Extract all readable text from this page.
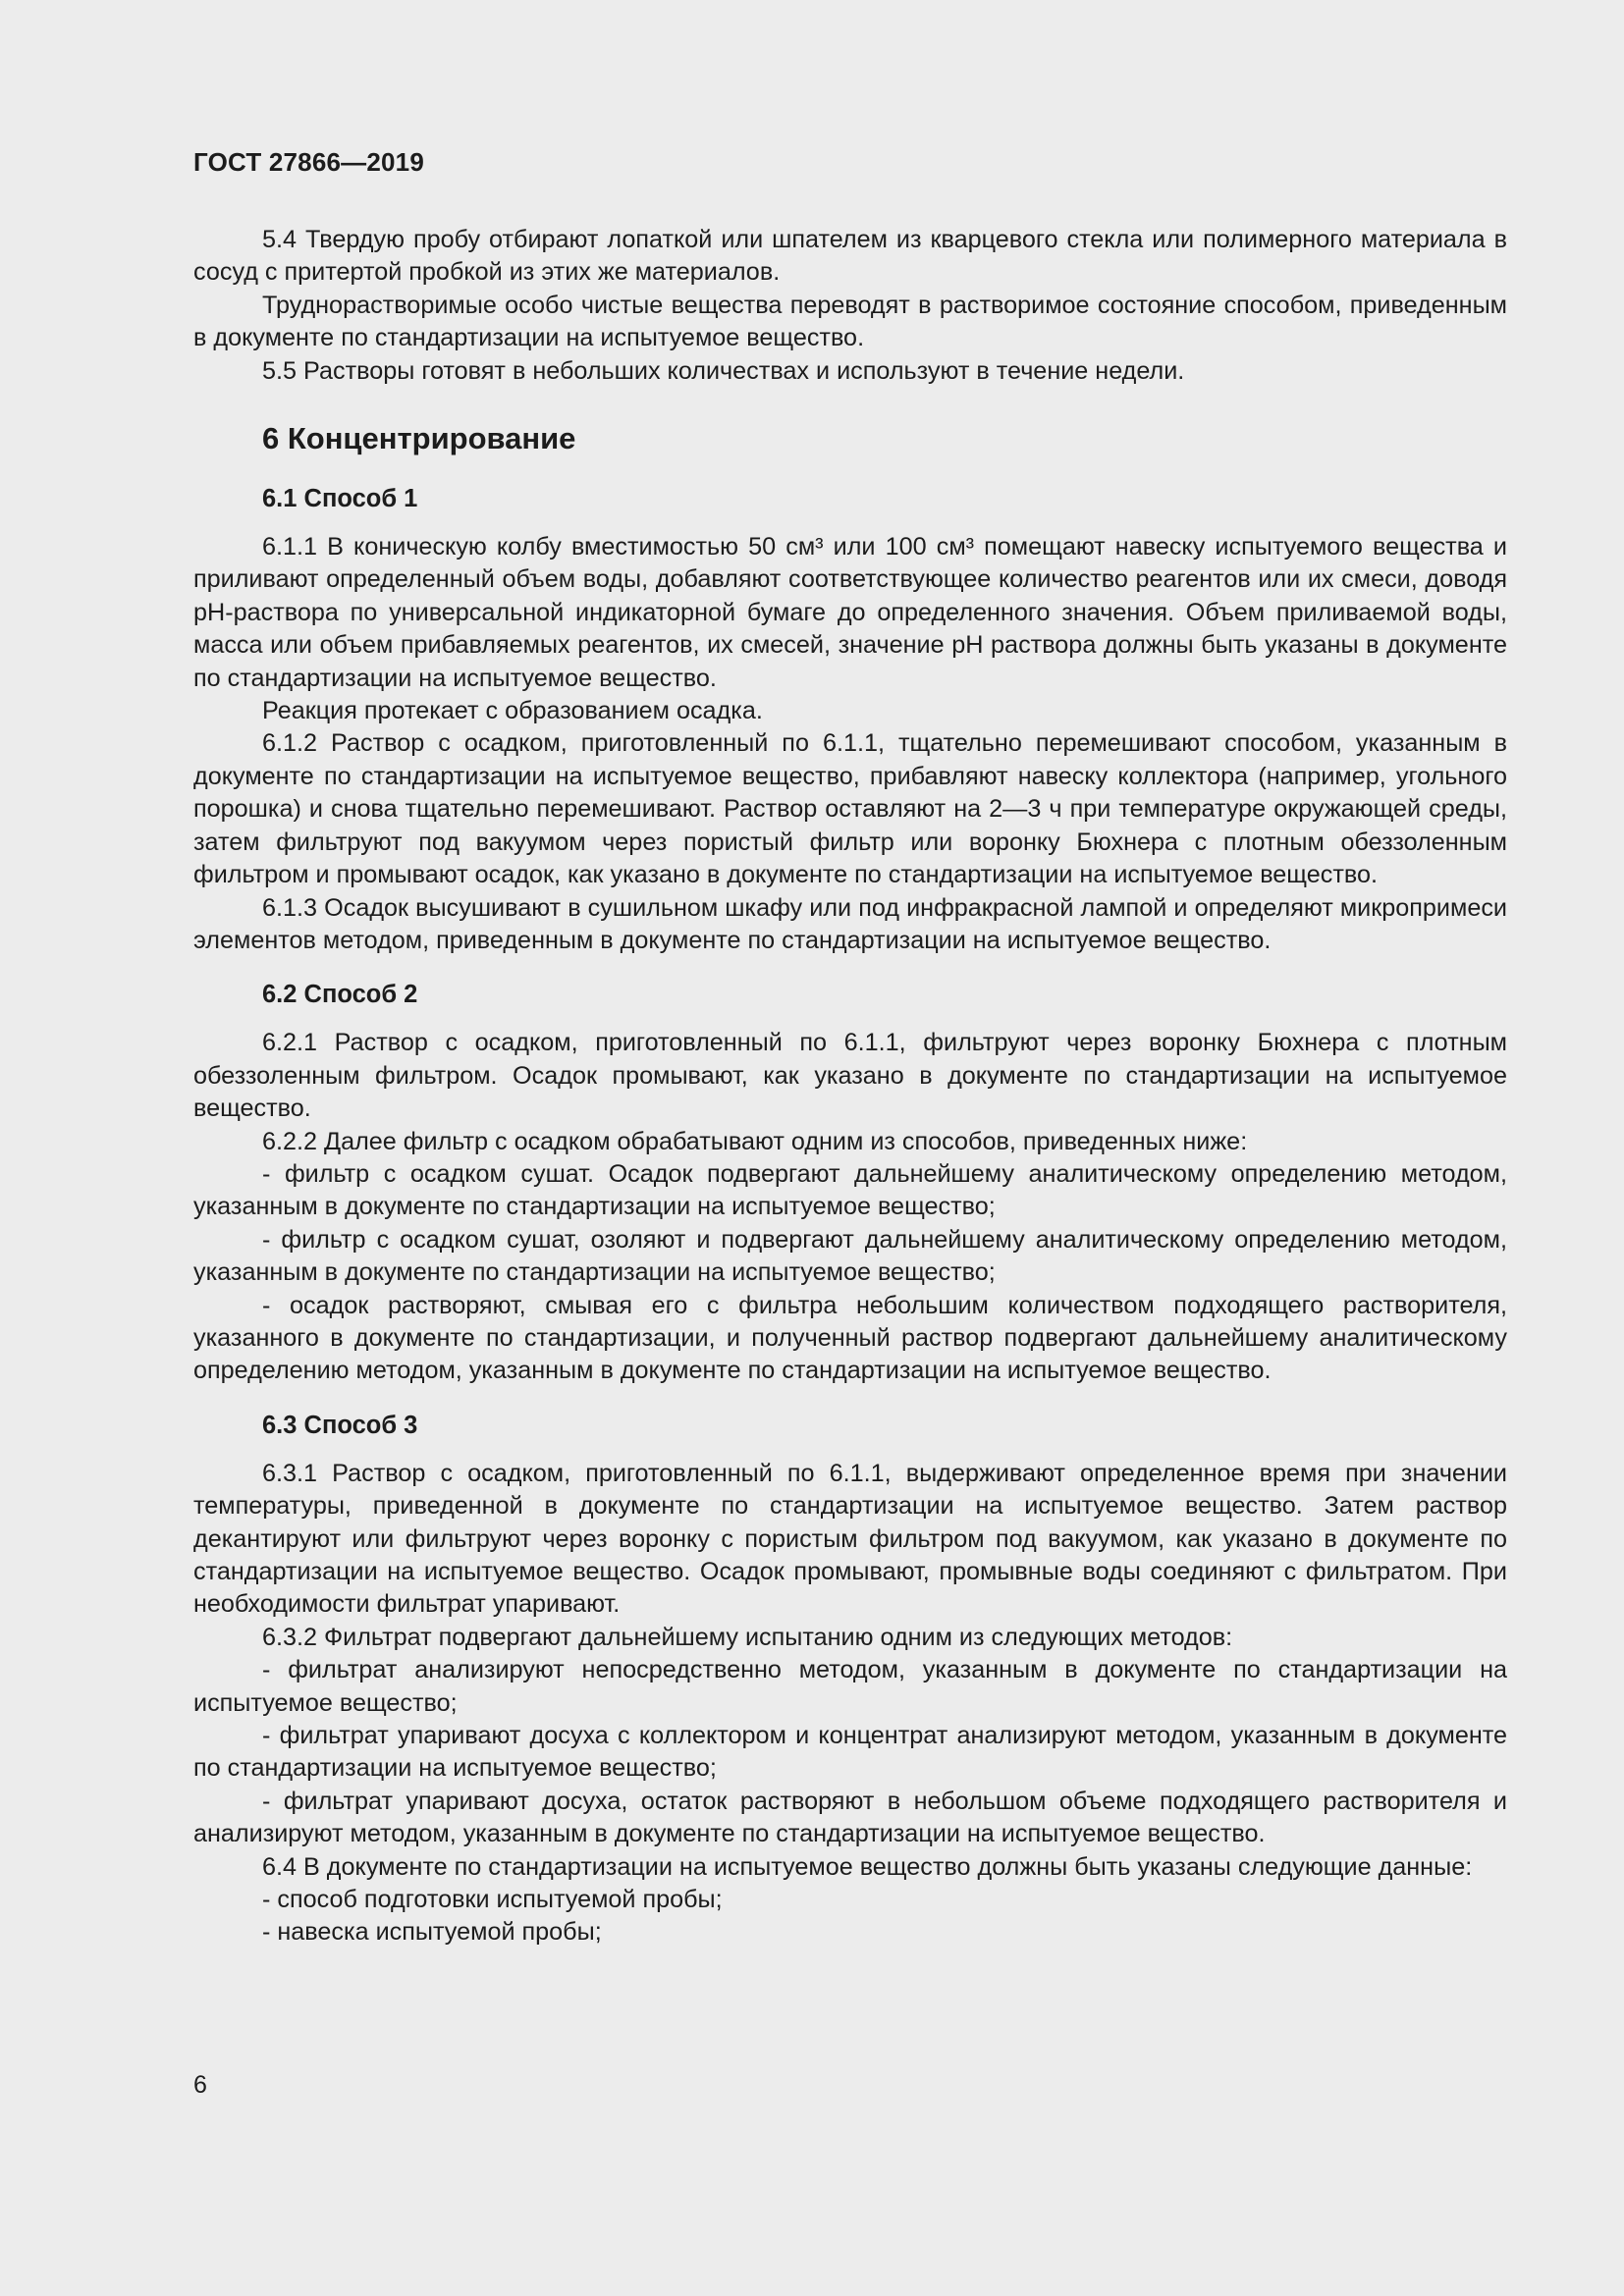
ГОСТ 27866—2019

5.4 Твердую пробу отбирают лопаткой или шпателем из кварцевого стекла или полимерного материала в сосуд с притертой пробкой из этих же материалов.

Труднорастворимые особо чистые вещества переводят в растворимое состояние способом, приведенным в документе по стандартизации на испытуемое вещество.

5.5 Растворы готовят в небольших количествах и используют в течение недели.

6 Концентрирование
6.1 Способ 1

6.1.1 В коническую колбу вместимостью 50 см³ или 100 см³ помещают навеску испытуемого вещества и приливают определенный объем воды, добавляют соответствующее количество реагентов или их смеси, доводя рН-раствора по универсальной индикаторной бумаге до определенного значения. Объем приливаемой воды, масса или объем прибавляемых реагентов, их смесей, значение рН раствора должны быть указаны в документе по стандартизации на испытуемое вещество.

Реакция протекает с образованием осадка.

6.1.2 Раствор с осадком, приготовленный по 6.1.1, тщательно перемешивают способом, указанным в документе по стандартизации на испытуемое вещество, прибавляют навеску коллектора (например, угольного порошка) и снова тщательно перемешивают. Раствор оставляют на 2—3 ч при температуре окружающей среды, затем фильтруют под вакуумом через пористый фильтр или воронку Бюхнера с плотным обеззоленным фильтром и промывают осадок, как указано в документе по стандартизации на испытуемое вещество.

6.1.3 Осадок высушивают в сушильном шкафу или под инфракрасной лампой и определяют микропримеси элементов методом, приведенным в документе по стандартизации на испытуемое вещество.

6.2 Способ 2

6.2.1 Раствор с осадком, приготовленный по 6.1.1, фильтруют через воронку Бюхнера с плотным обеззоленным фильтром. Осадок промывают, как указано в документе по стандартизации на испытуемое вещество.

6.2.2 Далее фильтр с осадком обрабатывают одним из способов, приведенных ниже:

- фильтр с осадком сушат. Осадок подвергают дальнейшему аналитическому определению методом, указанным в документе по стандартизации на испытуемое вещество;

- фильтр с осадком сушат, озоляют и подвергают дальнейшему аналитическому определению методом, указанным в документе по стандартизации на испытуемое вещество;

- осадок растворяют, смывая его с фильтра небольшим количеством подходящего растворителя, указанного в документе по стандартизации, и полученный раствор подвергают дальнейшему аналитическому определению методом, указанным в документе по стандартизации на испытуемое вещество.

6.3 Способ 3

6.3.1 Раствор с осадком, приготовленный по 6.1.1, выдерживают определенное время при значении температуры, приведенной в документе по стандартизации на испытуемое вещество. Затем раствор декантируют или фильтруют через воронку с пористым фильтром под вакуумом, как указано в документе по стандартизации на испытуемое вещество. Осадок промывают, промывные воды соединяют с фильтратом. При необходимости фильтрат упаривают.

6.3.2 Фильтрат подвергают дальнейшему испытанию одним из следующих методов:

- фильтрат анализируют непосредственно методом, указанным в документе по стандартизации на испытуемое вещество;

- фильтрат упаривают досуха с коллектором и концентрат анализируют методом, указанным в документе по стандартизации на испытуемое вещество;

- фильтрат упаривают досуха, остаток растворяют в небольшом объеме подходящего растворителя и анализируют методом, указанным в документе по стандартизации на испытуемое вещество.

6.4 В документе по стандартизации на испытуемое вещество должны быть указаны следующие данные:

- способ подготовки испытуемой пробы;

- навеска испытуемой пробы;

6
